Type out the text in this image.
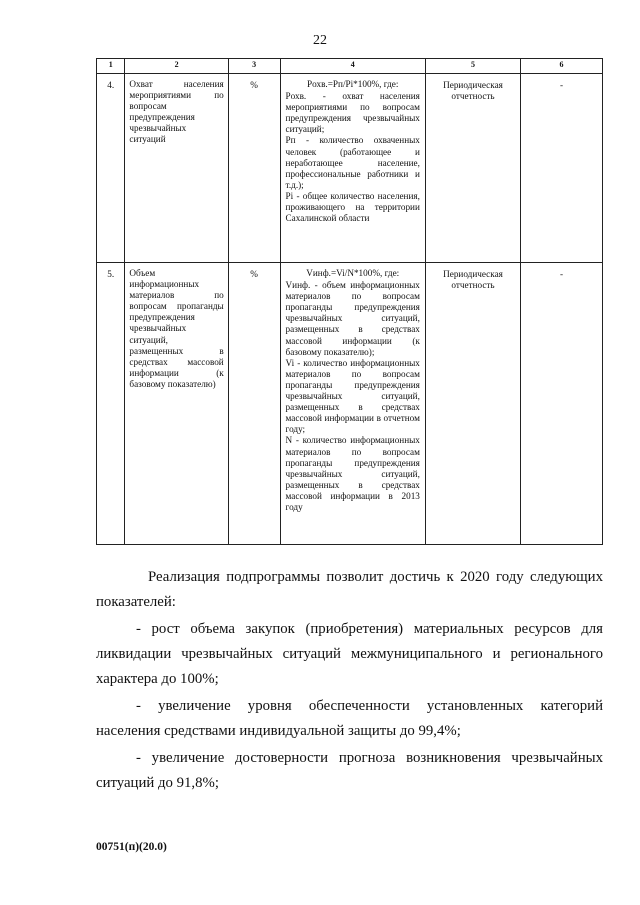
22
1	2	3	4	5	6
4.	Охват населения мероприятиями по вопросам предупреждения чрезвычайных ситуаций	%	Pохв.=Pп/Pi*100%, где:
Pохв. - охват населения мероприятиями по вопросам предупреждения чрезвычайных ситуаций;
Pп - количество охваченных человек (работающее и неработающее население, профессиональные работники и т.д.);
Pi - общее количество населения, проживающего на территории Сахалинской области	Периодическая отчетность	-
5.	Объем информационных материалов по вопросам пропаганды предупреждения чрезвычайных ситуаций, размещенных в средствах массовой информации (к базовому показателю)	%	Vинф.=Vi/N*100%, где:
Vинф. - объем информационных материалов по вопросам пропаганды предупреждения чрезвычайных ситуаций, размещенных в средствах массовой информации (к базовому показателю);
Vi - количество информационных материалов по вопросам пропаганды предупреждения чрезвычайных ситуаций, размещенных в средствах массовой информации в отчетном году;
N - количество информационных материалов по вопросам пропаганды предупреждения чрезвычайных ситуаций, размещенных в средствах массовой информации в 2013 году	Периодическая отчетность	-

Реализация подпрограммы позволит достичь к 2020 году следующих показателей:

- рост объема закупок (приобретения) материальных ресурсов для ликвидации чрезвычайных ситуаций межмуниципального и регионального характера до 100%;

- увеличение уровня обеспеченности установленных категорий населения средствами индивидуальной защиты до 99,4%;

- увеличение достоверности прогноза возникновения чрезвычайных ситуаций до 91,8%;

00751(п)(20.0)
